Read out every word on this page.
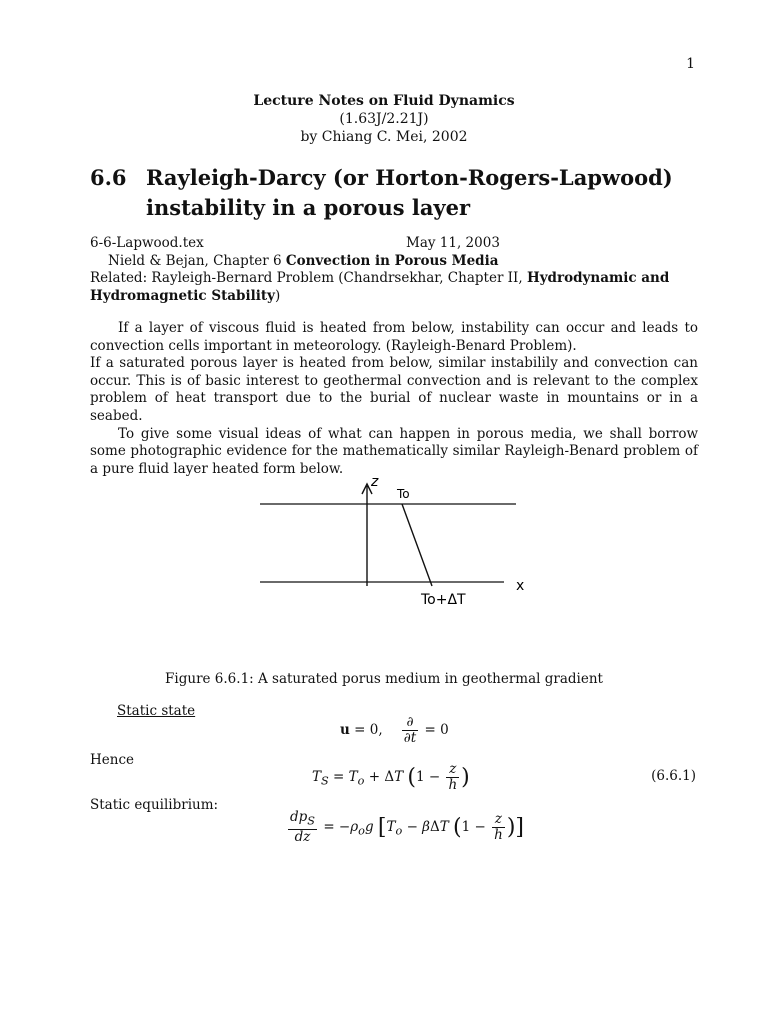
1
Lecture Notes on Fluid Dynamics
(1.63J/2.21J)
by Chiang C. Mei, 2002
6.6 Rayleigh-Darcy (or Horton-Rogers-Lapwood) instability in a porous layer
6-6-Lapwood.tex	May 11, 2003
Nield & Bejan, Chapter 6 Convection in Porous Media
Related: Rayleigh-Bernard Problem (Chandrsekhar, Chapter II, Hydrodynamic and Hydromagnetic Stability)

If a layer of viscous fluid is heated from below, instability can occur and leads to convection cells important in meteorology. (Rayleigh-Benard Problem).

If a saturated porous layer is heated from below, similar instabilily and convection can occur. This is of basic interest to geothermal convection and is relevant to the complex problem of heat transport due to the burial of nuclear waste in mountains or in a seabed.

To give some visual ideas of what can happen in porous media, we shall borrow some photographic evidence for the mathematically similar Rayleigh-Benard problem of a pure fluid layer heated form below.

z
To
To+ΔT
x
Figure 6.6.1: A saturated porus medium in geothermal gradient
Static state
u = 0, $\frac{\partial}{\partial t} = 0$
Hence
$T_S = T_o + \Delta T$ ($1 - \frac{z}{h}$ )	(6.6.1)
Static equilibrium:
$\frac{dp_S}{dz} = -\rho_og$ [$T_o - \beta\Delta T$ ($1 - \frac{z}{h}$ )]
